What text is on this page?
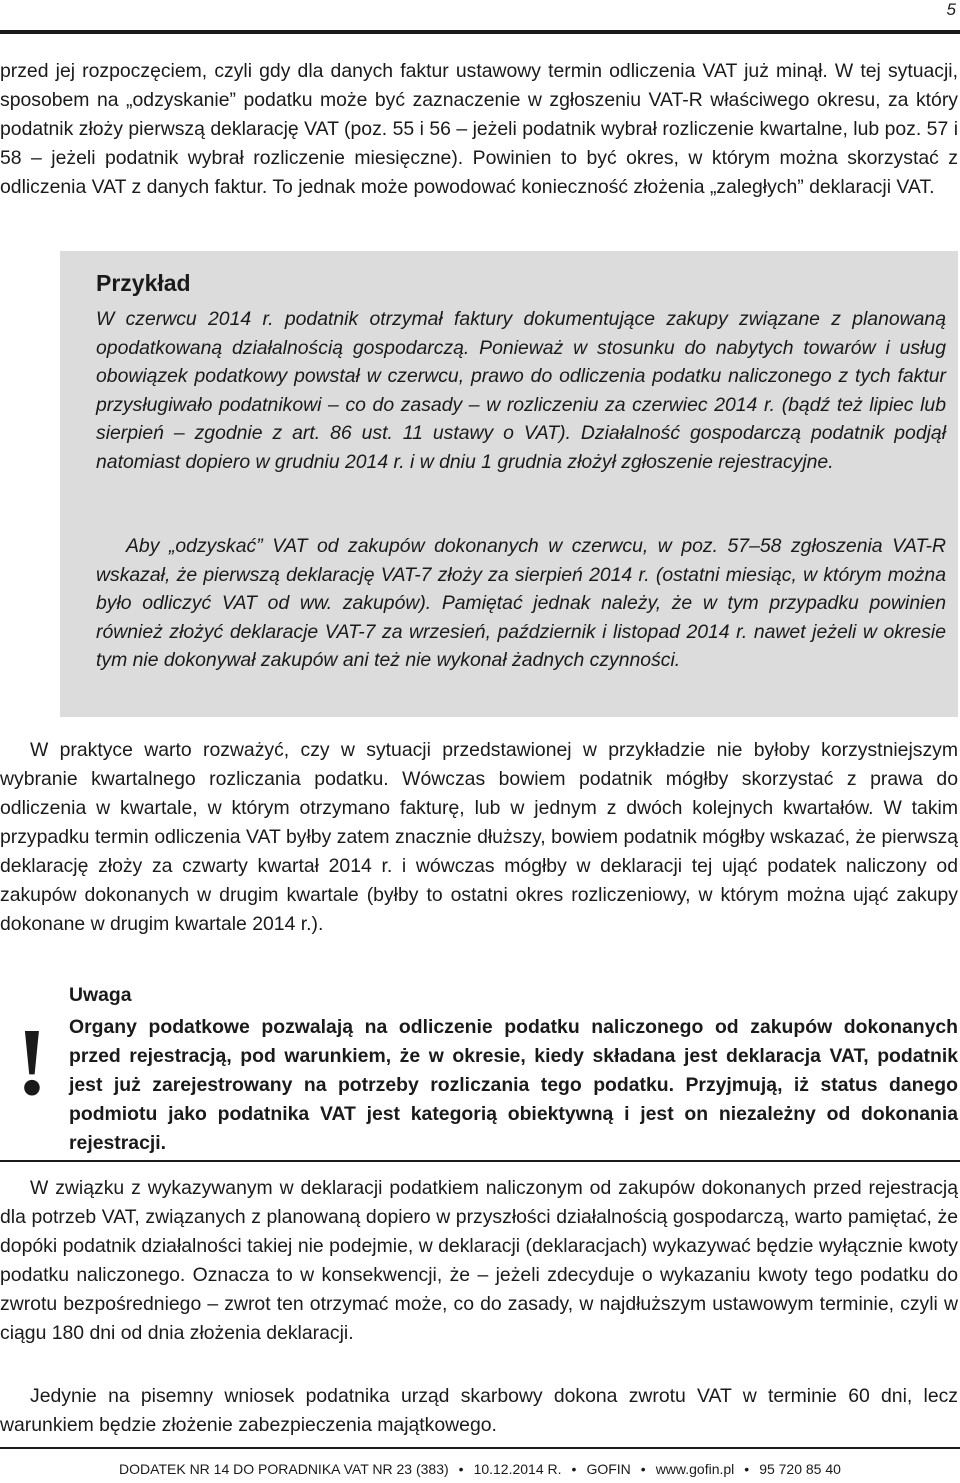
5

przed jej rozpoczęciem, czyli gdy dla danych faktur ustawowy termin odliczenia VAT już minął. W tej sytuacji, sposobem na „odzyskanie” podatku może być zaznaczenie w zgłoszeniu VAT-R właściwego okresu, za który podatnik złoży pierwszą deklarację VAT (poz. 55 i 56 – jeżeli podatnik wybrał rozliczenie kwartalne, lub poz. 57 i 58 – jeżeli podatnik wybrał rozliczenie miesięczne). Powinien to być okres, w którym można skorzystać z odliczenia VAT z danych faktur. To jednak może powodować konieczność złożenia „zaległych” deklaracji VAT.

Przykład

W czerwcu 2014 r. podatnik otrzymał faktury dokumentujące zakupy związane z planowaną opodatkowaną działalnością gospodarczą. Ponieważ w stosunku do nabytych towarów i usług obowiązek podatkowy powstał w czerwcu, prawo do odliczenia podatku naliczonego z tych faktur przysługiwało podatnikowi – co do zasady – w rozliczeniu za czerwiec 2014 r. (bądź też lipiec lub sierpień – zgodnie z art. 86 ust. 11 ustawy o VAT). Działalność gospodarczą podatnik podjął natomiast dopiero w grudniu 2014 r. i w dniu 1 grudnia złożył zgłoszenie rejestracyjne.

Aby „odzyskać” VAT od zakupów dokonanych w czerwcu, w poz. 57–58 zgłoszenia VAT-R wskazał, że pierwszą deklarację VAT-7 złoży za sierpień 2014 r. (ostatni miesiąc, w którym można było odliczyć VAT od ww. zakupów). Pamiętać jednak należy, że w tym przypadku powinien również złożyć deklaracje VAT-7 za wrzesień, październik i listopad 2014 r. nawet jeżeli w okresie tym nie dokonywał zakupów ani też nie wykonał żadnych czynności.

W praktyce warto rozważyć, czy w sytuacji przedstawionej w przykładzie nie byłoby korzystniejszym wybranie kwartalnego rozliczania podatku. Wówczas bowiem podatnik mógłby skorzystać z prawa do odliczenia w kwartale, w którym otrzymano fakturę, lub w jednym z dwóch kolejnych kwartałów. W takim przypadku termin odliczenia VAT byłby zatem znacznie dłuższy, bowiem podatnik mógłby wskazać, że pierwszą deklarację złoży za czwarty kwartał 2014 r. i wówczas mógłby w deklaracji tej ująć podatek naliczony od zakupów dokonanych w drugim kwartale (byłby to ostatni okres rozliczeniowy, w którym można ująć zakupy dokonane w drugim kwartale 2014 r.).

!
Uwaga

Organy podatkowe pozwalają na odliczenie podatku naliczonego od zakupów dokonanych przed rejestracją, pod warunkiem, że w okresie, kiedy składana jest deklaracja VAT, podatnik jest już zarejestrowany na potrzeby rozliczania tego podatku. Przyjmują, iż status danego podmiotu jako podatnika VAT jest kategorią obiektywną i jest on niezależny od dokonania rejestracji.

W związku z wykazywanym w deklaracji podatkiem naliczonym od zakupów dokonanych przed rejestracją dla potrzeb VAT, związanych z planowaną dopiero w przyszłości działalnością gospodarczą, warto pamiętać, że dopóki podatnik działalności takiej nie podejmie, w deklaracji (deklaracjach) wykazywać będzie wyłącznie kwoty podatku naliczonego. Oznacza to w konsekwencji, że – jeżeli zdecyduje o wykazaniu kwoty tego podatku do zwrotu bezpośredniego – zwrot ten otrzymać może, co do zasady, w najdłuższym ustawowym terminie, czyli w ciągu 180 dni od dnia złożenia deklaracji.

Jedynie na pisemny wniosek podatnika urząd skarbowy dokona zwrotu VAT w terminie 60 dni, lecz warunkiem będzie złożenie zabezpieczenia majątkowego.

DODATEK NR 14 DO PORADNIKA VAT NR 23 (383) • 10.12.2014 R. • GOFIN • www.gofin.pl • 95 720 85 40
